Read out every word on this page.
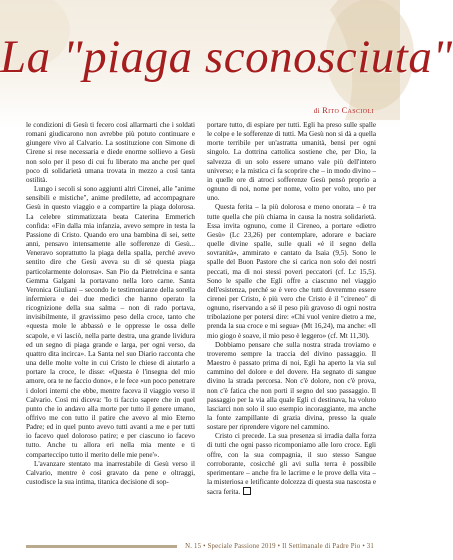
La "piaga sconosciuta"
di Rito Cascioli

le condizioni di Gesù ti fecero così allarmarti che i soldati romani giudicarono non avrebbe più potuto continuare e giungere vivo al Calvario. La sostituzione con Simone di Cirene si rese necessaria e diede enorme sollievo a Gesù non solo per il peso di cui fu liberato ma anche per quel poco di solidarietà umana trovata in mezzo a così tanta ostilità.

Lungo i secoli si sono aggiunti altri Cirenei, alle "anime sensibili e mistiche", anime predilette, ad accompagnare Gesù in questo viaggio e a compartire la piaga dolorosa. La celebre stimmatizzata beata Caterina Emmerich confida: «Fin dalla mia infanzia, avevo sempre in testa la Passione di Cristo. Quando ero una bambina di sei, sette anni, pensavo intensamente alle sofferenze di Gesù... Veneravo soprattutto la piaga della spalla, perché avevo sentito dire che Gesù aveva su di sé questa piaga particolarmente dolorosa». San Pio da Pietrelcina e santa Gemma Galgani la portavano nella loro carne. Santa Veronica Giuliani – secondo le testimonianze della sorella infermiera e dei due medici che hanno operato la ricognizione della sua salma – non di rado portava, invisibilmente, il gravissimo peso della croce, tanto che «questa mole le abbassò e le oppresse le ossa delle scapole, e vi lasciò, nella parte destra, una grande lividura ed un segno di piaga grande e larga, per ogni verso, da quattro dita incirca». La Santa nel suo Diario racconta che una delle molte volte in cui Cristo le chiese di aiutarlo a portare la croce, le disse: «Questa è l'insegna del mio amore, ora te ne faccio dono», e le fece «un poco penetrare i dolori interni che ebbe, mentre faceva il viaggio verso il Calvario. Così mi diceva: 'Io ti faccio sapere che in quel punto che io andavo alla morte per tutto il genere umano, offrivo me con tutto il patire che avevo al mio Eterno Padre; ed in quel punto avevo tutti avanti a me e per tutti io facevo quel doloroso patire; e per ciascuno io facevo tutto. Anche tu allora eri nella mia mente e ti comparteccipo tutto il merito delle mie pene'».

L'avanzare stentato ma inarrestabile di Gesù verso il Calvario, mentre è così gravato da pene e oltraggi, custodisce la sua intima, titanica decisione di sop-

portare tutto, di espiare per tutti. Egli ha preso sulle spalle le colpe e le sofferenze di tutti. Ma Gesù non si dà a quella morte terribile per un'astratta umanità, bensì per ogni singolo. La dottrina cattolica sostiene che, per Dio, la salvezza di un solo essere umano vale più dell'intero universo; e la mistica ci fa scoprire che – in modo divino – in quelle ore di atroci sofferenze Gesù pensò proprio a ognuno di noi, nome per nome, volto per volto, uno per uno.

Questa ferita – la più dolorosa e meno onorata – è tra tutte quella che più chiama in causa la nostra solidarietà. Essa invita ognuno, come il Cireneo, a portare «dietro Gesù» (Lc 23,26) per contemplare, adorare e baciare quelle divine spalle, sulle quali «è il segno della sovranità», ammirato e cantato da Isaia (9,5). Sono le spalle del Buon Pastore che si carica non solo dei nostri peccati, ma di noi stessi poveri peccatori (cf. Lc 15,5). Sono le spalle che Egli offre a ciascuno nel viaggio dell'esistenza, perché se è vero che tutti dovremmo essere cirenei per Cristo, è più vero che Cristo è il "cireneo" di ognuno, riservando a sé il peso più gravoso di ogni nostra tribolazione per potersi dire: «Chi vuol venire dietro a me, prenda la sua croce e mi segua» (Mt 16,24), ma anche: «Il mio giogo è soave, il mio peso è leggero» (cf. Mt 11,30).

Dobbiamo pensare che sulla nostra strada troviamo e troveremo sempre la traccia del divino passaggio. Il Maestro è passato prima di noi, Egli ha aperto la via sul cammino del dolore e del dovere. Ha segnato di sangue divino la strada percorsa. Non c'è dolore, non c'è prova, non c'è fatica che non porti il segno del suo passaggio. Il passaggio per la via alla quale Egli ci destinava, ha voluto lasciarci non solo il suo esempio incoraggiante, ma anche la fonte zampillante di grazia divina, presso la quale sostare per riprendere vigore nel cammino.

Cristo ci precede. La sua presenza si irradia dalla forza di tutti che ogni passo ricomponiamo alle loro croce. Egli offre, con la sua compagnia, il suo stesso Sangue corroborante, cosicché gli avi sulla terra è possibile sperimentare – anche fra le lacrime e le prove della vita – la misteriosa e letificante dolcezza di questa sua nascosta e sacra ferita.

N. 15 • Speciale Passione 2019 • Il Settimanale di Padre Pio • 31
